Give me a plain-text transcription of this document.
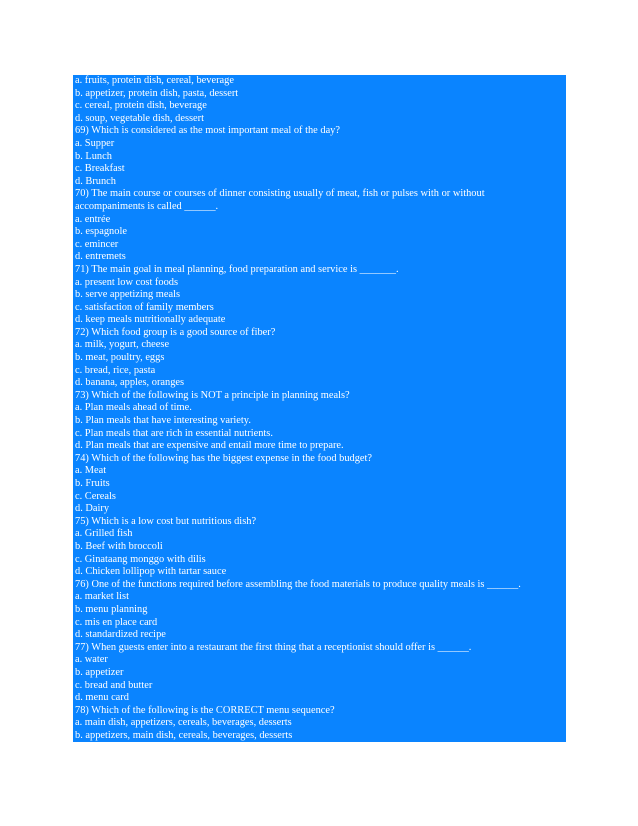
a. fruits, protein dish, cereal, beverage
b. appetizer, protein dish, pasta, dessert
c. cereal, protein dish, beverage
d. soup, vegetable dish, dessert
69) Which is considered as the most important meal of the day?
a. Supper
b. Lunch
c. Breakfast
d. Brunch
70) The main course or courses of dinner consisting usually of meat, fish or pulses with or without
accompaniments is called ______.
a. entrée
b. espagnole
c. emincer
d. entremets
71) The main goal in meal planning, food preparation and service is _______.
a. present low cost foods
b. serve appetizing meals
c. satisfaction of family members
d. keep meals nutritionally adequate
72) Which food group is a good source of fiber?
a. milk, yogurt, cheese
b. meat, poultry, eggs
c. bread, rice, pasta
d. banana, apples, oranges
73) Which of the following is NOT a principle in planning meals?
a. Plan meals ahead of time.
b. Plan meals that have interesting variety.
c. Plan meals that are rich in essential nutrients.
d. Plan meals that are expensive and entail more time to prepare.
74) Which of the following has the biggest expense in the food budget?
a. Meat
b. Fruits
c. Cereals
d. Dairy
75) Which is a low cost but nutritious dish?
a. Grilled fish
b. Beef with broccoli
c. Ginataang monggo with dilis
d. Chicken lollipop with tartar sauce
76) One of the functions required before assembling the food materials to produce quality meals is ______.
a. market list
b. menu planning
c. mis en place card
d. standardized recipe
77) When guests enter into a restaurant the first thing that a receptionist should offer is ______.
a. water
b. appetizer
c. bread and butter
d. menu card
78) Which of the following is the CORRECT menu sequence?
a. main dish, appetizers, cereals, beverages, desserts
b. appetizers, main dish, cereals, beverages, desserts
